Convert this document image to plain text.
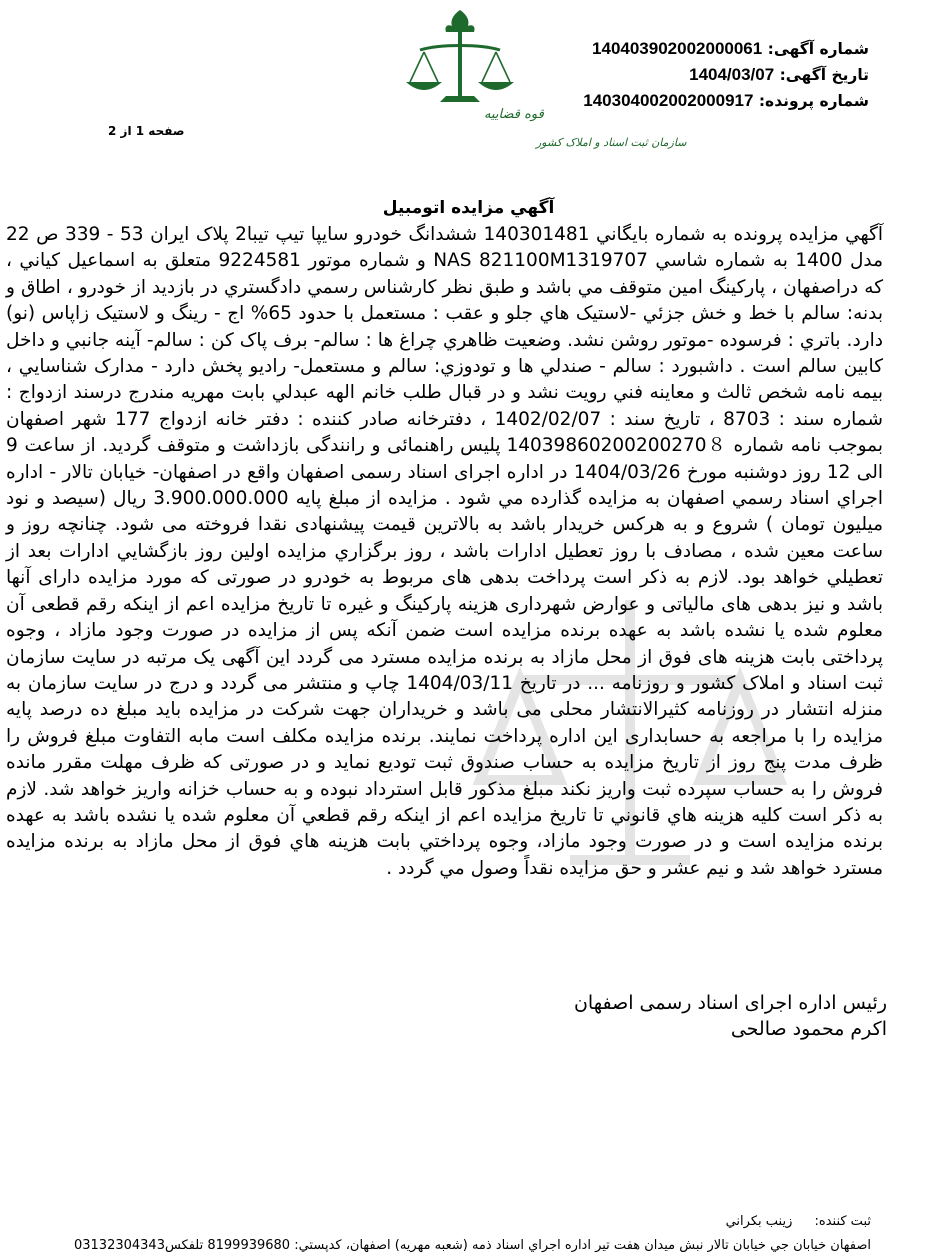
شماره آگهی: 140403902002000061
تاریخ آگهی: 1404/03/07
شماره پرونده: 140304002002000917
قوه قضاییه
سازمان ثبت اسناد و املاک کشور
صفحه 1 از 2
آگهي مزايده اتومبيل

آگهي مزايده پرونده به شماره بايگاني 140301481 ششدانگ خودرو سايپا تيپ تيبا2 پلاک ايران 53 - 339 ص 22 مدل 1400 به شماره شاسي NAS 821100M1319707 و شماره موتور 9224581 متعلق به اسماعيل کياني ، که دراصفهان ، پارکينگ امين متوقف مي باشد و طبق نظر کارشناس رسمي دادگستري در بازديد از خودرو ، اطاق و بدنه: سالم با خط و خش جزئي -لاستيک هاي جلو و عقب : مستعمل با حدود 65% اج - رينگ و لاستيک زاپاس (نو) دارد. باتري : فرسوده -موتور روشن نشد. وضعيت ظاهري چراغ ها : سالم- برف پاک کن : سالم- آينه جانبي و داخل کابين سالم است . داشبورد : سالم - صندلي ها و تودوزي: سالم و مستعمل- راديو پخش دارد - مدارک شناسايي ، بيمه نامه شخص ثالث و معاينه فني رويت نشد و در قبال طلب خانم الهه عبدلي بابت مهريه مندرج درسند ازدواج : شماره سند : 8703 ، تاريخ سند : 1402/02/07 ، دفترخانه صادر کننده : دفتر خانه ازدواج 177 شهر اصفهان بموجب نامه شماره 14039860200200270８ پليس راهنمائی و رانندگی بازداشت و متوقف گرديد. از ساعت 9 الی 12 روز دوشنبه مورخ 1404/03/26 در اداره اجرای اسناد رسمی اصفهان واقع در اصفهان- خيابان تالار - اداره اجراي اسناد رسمي اصفهان به مزايده گذارده مي شود . مزايده از مبلغ پايه 3.900.000.000 ريال (سيصد و نود ميليون تومان ) شروع و به هرکس خريدار باشد به بالاترين قيمت پيشنهادی نقدا فروخته می شود. چنانچه روز و ساعت معين شده ، مصادف با روز تعطيل ادارات باشد ، روز برگزاري مزايده اولين روز بازگشايي ادارات بعد از تعطيلي خواهد بود. لازم به ذکر است پرداخت بدهی های مربوط به خودرو در صورتی که مورد مزايده دارای آنها باشد و نيز بدهی های مالياتی و عوارض شهرداری هزينه پارکينگ و غيره تا تاريخ مزايده اعم از اينکه رقم قطعی آن معلوم شده يا نشده باشد به عهده برنده مزايده است ضمن آنکه پس از مزايده در صورت وجود مازاد ، وجوه پرداختی بابت هزينه های فوق از محل مازاد به برنده مزايده مسترد می گردد اين آگهی يک مرتبه در سايت سازمان ثبت اسناد و املاک کشور و روزنامه ... در تاريخ 1404/03/11 چاپ و منتشر می گردد و درج در سايت سازمان به منزله انتشار در روزنامه کثيرالانتشار محلی می باشد و خريداران جهت شرکت در مزايده بايد مبلغ ده درصد پايه مزايده را با مراجعه به حسابداری اين اداره پرداخت نمايند. برنده مزايده مکلف است مابه التفاوت مبلغ فروش را ظرف مدت پنج روز از تاريخ مزايده به حساب صندوق ثبت توديع نمايد و در صورتی که ظرف مهلت مقرر مانده فروش را به حساب سپرده ثبت واريز نکند مبلغ مذکور قابل استرداد نبوده و به حساب خزانه واريز خواهد شد. لازم به ذکر است کليه هزينه هاي قانوني تا تاريخ مزايده اعم از اينکه رقم قطعي آن معلوم شده يا نشده باشد به عهده برنده مزايده است و در صورت وجود مازاد، وجوه پرداختي بابت هزينه هاي فوق از محل مازاد به برنده مزايده مسترد خواهد شد و نيم عشر و حق مزايده نقداً وصول مي گردد .

رئیس اداره اجرای اسناد رسمی اصفهان
اکرم محمود صالحی
ثبت كننده: زينب بكراني
اصفهان خيابان جي خيابان تالار نبش ميدان هفت تير اداره اجراي اسناد ذمه (شعبه مهريه) اصفهان، كدپستي: 8199939680 تلفكس03132304343
